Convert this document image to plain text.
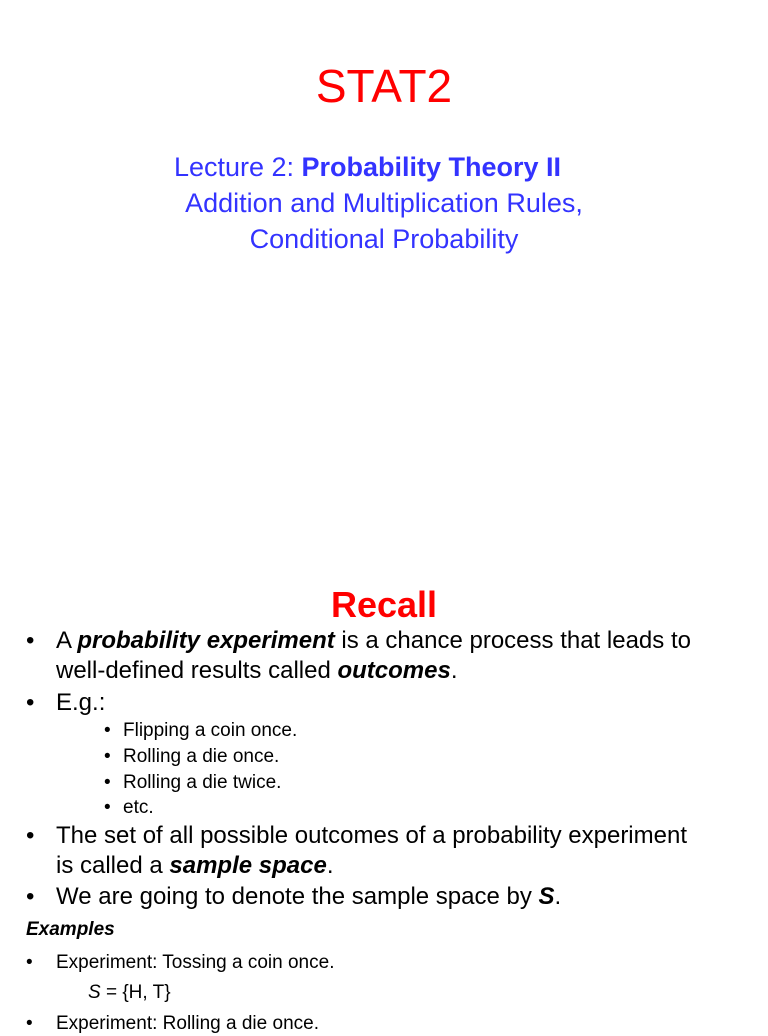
STAT2
Lecture 2: Probability Theory II
Addition and Multiplication Rules,
Conditional Probability
Recall
• A probability experiment is a chance process that leads to
well-defined results called outcomes.
• E.g.:
• Flipping a coin once.
• Rolling a die once.
• Rolling a die twice.
• etc.
• The set of all possible outcomes of a probability experiment
is called a sample space.
• We are going to denote the sample space by S.
Examples
• Experiment: Tossing a coin once.
S = {H, T}
• Experiment: Rolling a die once.
